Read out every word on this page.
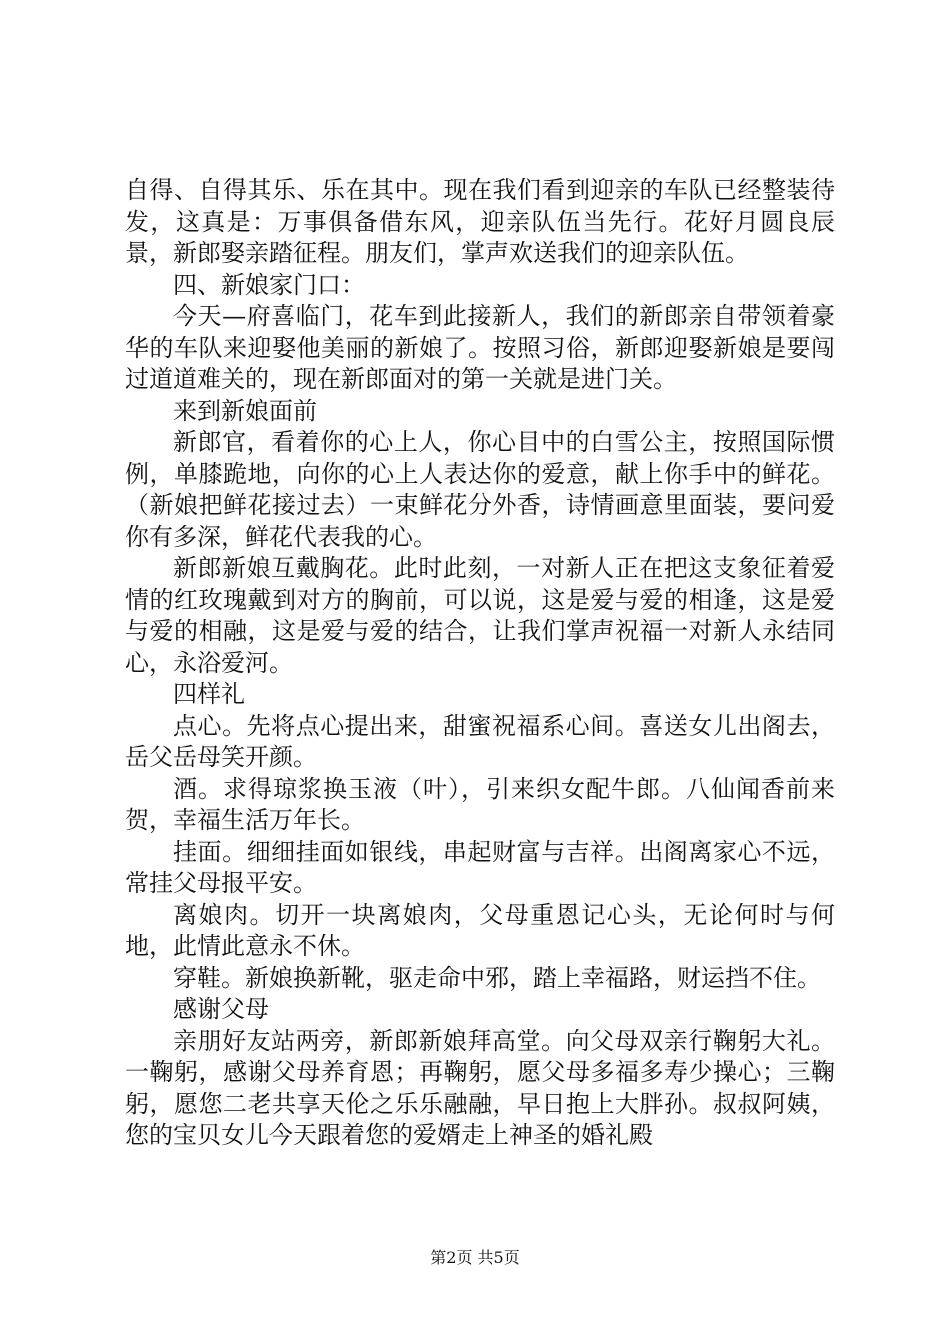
自得、自得其乐、乐在其中。现在我们看到迎亲的车队已经整装待发，这真是：万事俱备借东风，迎亲队伍当先行。花好月圆良辰景，新郎娶亲踏征程。朋友们，掌声欢送我们的迎亲队伍。

四、新娘家门口：

今天—府喜临门，花车到此接新人，我们的新郎亲自带领着豪华的车队来迎娶他美丽的新娘了。按照习俗，新郎迎娶新娘是要闯过道道难关的，现在新郎面对的第一关就是进门关。

来到新娘面前

新郎官，看着你的心上人，你心目中的白雪公主，按照国际惯例，单膝跪地，向你的心上人表达你的爱意，献上你手中的鲜花。（新娘把鲜花接过去）一束鲜花分外香，诗情画意里面装，要问爱你有多深，鲜花代表我的心。

新郎新娘互戴胸花。此时此刻，一对新人正在把这支象征着爱情的红玫瑰戴到对方的胸前，可以说，这是爱与爱的相逢，这是爱与爱的相融，这是爱与爱的结合，让我们掌声祝福一对新人永结同心，永浴爱河。

四样礼

点心。先将点心提出来，甜蜜祝福系心间。喜送女儿出阁去，岳父岳母笑开颜。

酒。求得琼浆换玉液（叶），引来织女配牛郎。八仙闻香前来贺，幸福生活万年长。

挂面。细细挂面如银线，串起财富与吉祥。出阁离家心不远，常挂父母报平安。

离娘肉。切开一块离娘肉，父母重恩记心头，无论何时与何地，此情此意永不休。

穿鞋。新娘换新靴，驱走命中邪，踏上幸福路，财运挡不住。

感谢父母

亲朋好友站两旁，新郎新娘拜高堂。向父母双亲行鞠躬大礼。一鞠躬，感谢父母养育恩；再鞠躬，愿父母多福多寿少操心；三鞠躬，愿您二老共享天伦之乐乐融融，早日抱上大胖孙。叔叔阿姨，您的宝贝女儿今天跟着您的爱婿走上神圣的婚礼殿

第2页 共5页
